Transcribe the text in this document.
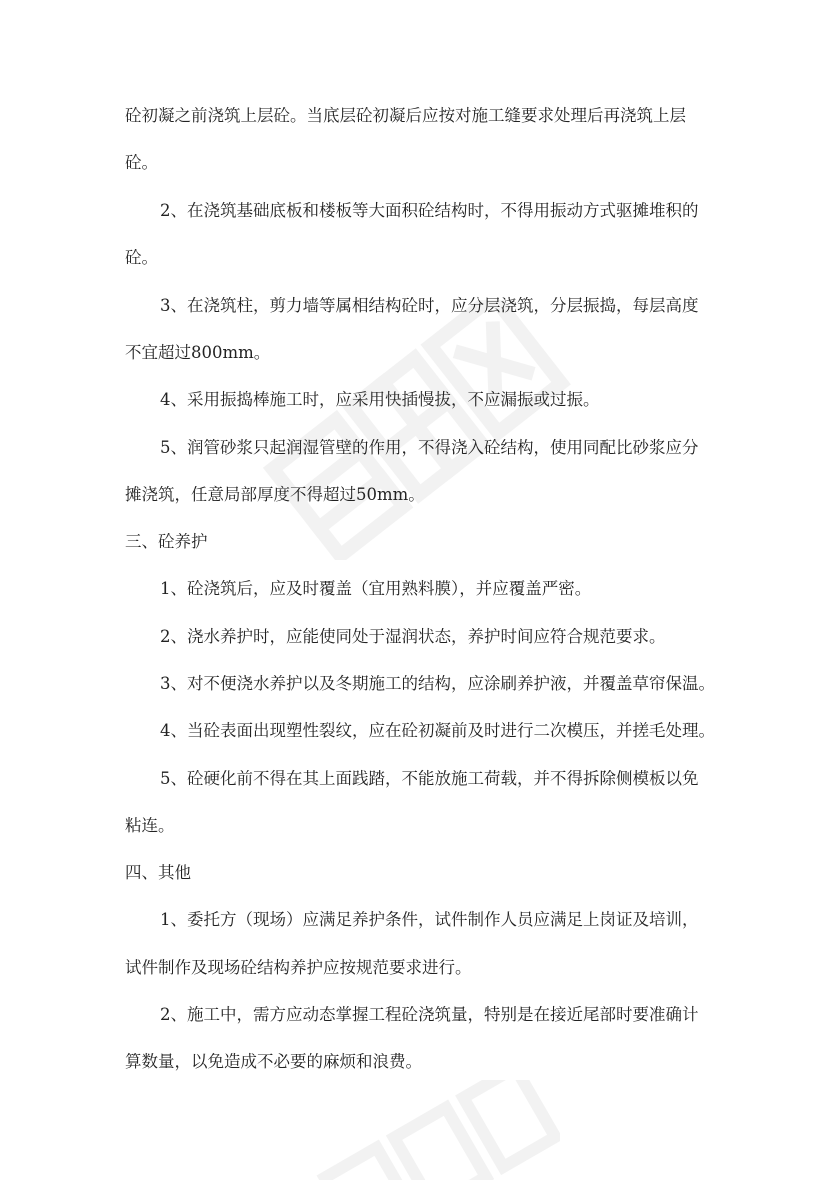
砼初凝之前浇筑上层砼。当底层砼初凝后应按对施工缝要求处理后再浇筑上层
砼。
2、在浇筑基础底板和楼板等大面积砼结构时，不得用振动方式驱摊堆积的
砼。
3、在浇筑柱，剪力墙等属相结构砼时，应分层浇筑，分层振捣，每层高度
不宜超过800mm。
4、采用振捣棒施工时，应采用快插慢拔，不应漏振或过振。
5、润管砂浆只起润湿管壁的作用，不得浇入砼结构，使用同配比砂浆应分
摊浇筑，任意局部厚度不得超过50mm。
三、砼养护
1、砼浇筑后，应及时覆盖（宜用熟料膜），并应覆盖严密。
2、浇水养护时，应能使同处于湿润状态，养护时间应符合规范要求。
3、对不便浇水养护以及冬期施工的结构，应涂刷养护液，并覆盖草帘保温。
4、当砼表面出现塑性裂纹，应在砼初凝前及时进行二次模压，并搓毛处理。
5、砼硬化前不得在其上面践踏，不能放施工荷载，并不得拆除侧模板以免
粘连。
四、其他
1、委托方（现场）应满足养护条件，试件制作人员应满足上岗证及培训，
试件制作及现场砼结构养护应按规范要求进行。
2、施工中，需方应动态掌握工程砼浇筑量，特别是在接近尾部时要准确计
算数量，以免造成不必要的麻烦和浪费。
